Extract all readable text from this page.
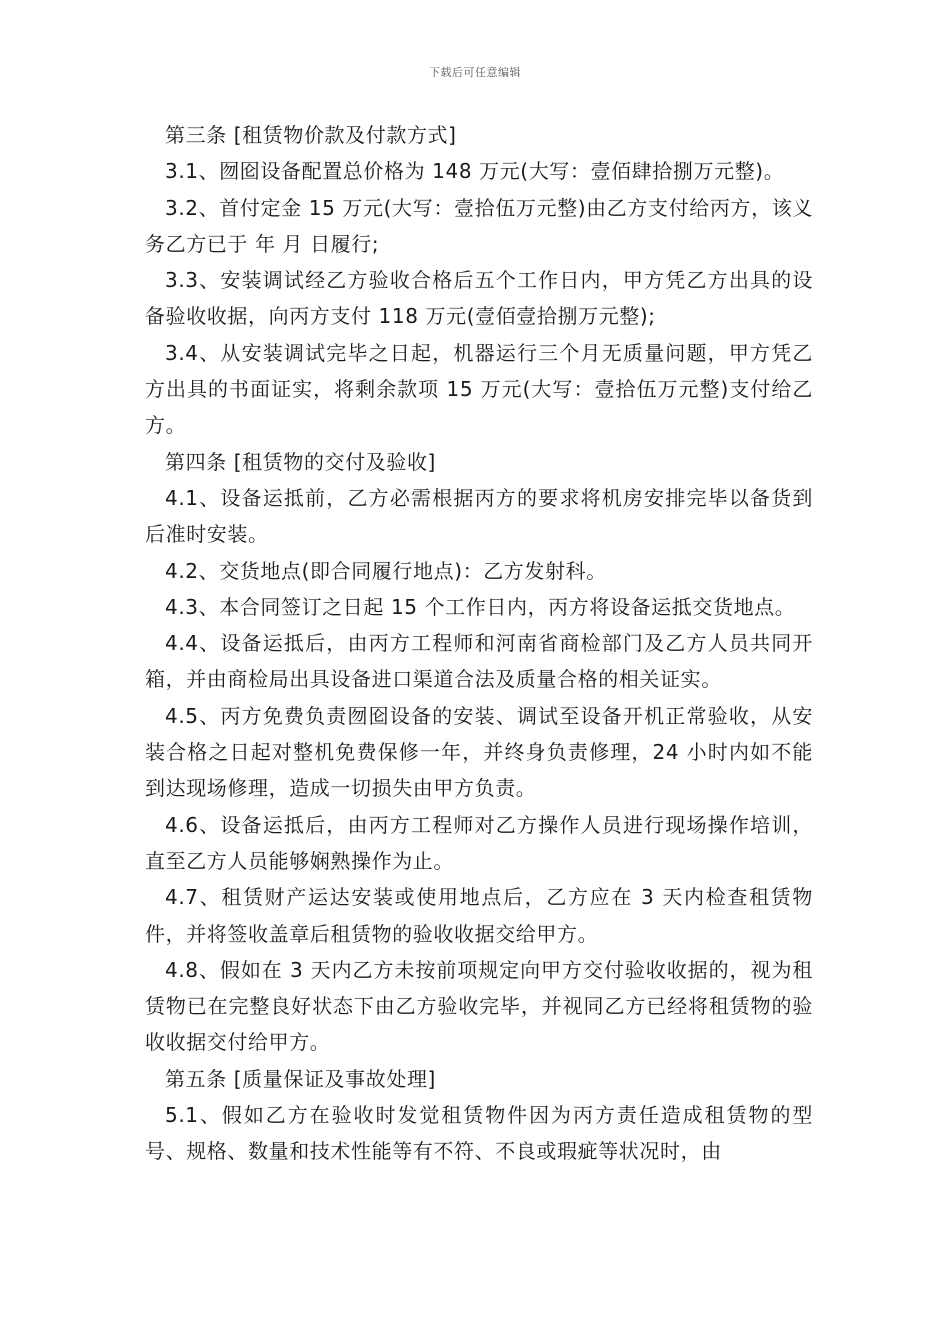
下载后可任意编辑

第三条 [租赁物价款及付款方式]

3.1、囫囵设备配置总价格为 148 万元(大写：壹佰肆拾捌万元整)。

3.2、首付定金 15 万元(大写：壹拾伍万元整)由乙方支付给丙方，该义务乙方已于 年 月 日履行;

3.3、安装调试经乙方验收合格后五个工作日内，甲方凭乙方出具的设备验收收据，向丙方支付 118 万元(壹佰壹拾捌万元整);

3.4、从安装调试完毕之日起，机器运行三个月无质量问题，甲方凭乙方出具的书面证实，将剩余款项 15 万元(大写：壹拾伍万元整)支付给乙方。

第四条 [租赁物的交付及验收]

4.1、设备运抵前，乙方必需根据丙方的要求将机房安排完毕以备货到后准时安装。

4.2、交货地点(即合同履行地点)：乙方发射科。

4.3、本合同签订之日起 15 个工作日内，丙方将设备运抵交货地点。

4.4、设备运抵后，由丙方工程师和河南省商检部门及乙方人员共同开箱，并由商检局出具设备进口渠道合法及质量合格的相关证实。

4.5、丙方免费负责囫囵设备的安装、调试至设备开机正常验收，从安装合格之日起对整机免费保修一年，并终身负责修理，24 小时内如不能到达现场修理，造成一切损失由甲方负责。

4.6、设备运抵后，由丙方工程师对乙方操作人员进行现场操作培训，直至乙方人员能够娴熟操作为止。

4.7、租赁财产运达安装或使用地点后，乙方应在 3 天内检查租赁物件，并将签收盖章后租赁物的验收收据交给甲方。

4.8、假如在 3 天内乙方未按前项规定向甲方交付验收收据的，视为租赁物已在完整良好状态下由乙方验收完毕，并视同乙方已经将租赁物的验收收据交付给甲方。

第五条 [质量保证及事故处理]

5.1、假如乙方在验收时发觉租赁物件因为丙方责任造成租赁物的型号、规格、数量和技术性能等有不符、不良或瑕疵等状况时，由
